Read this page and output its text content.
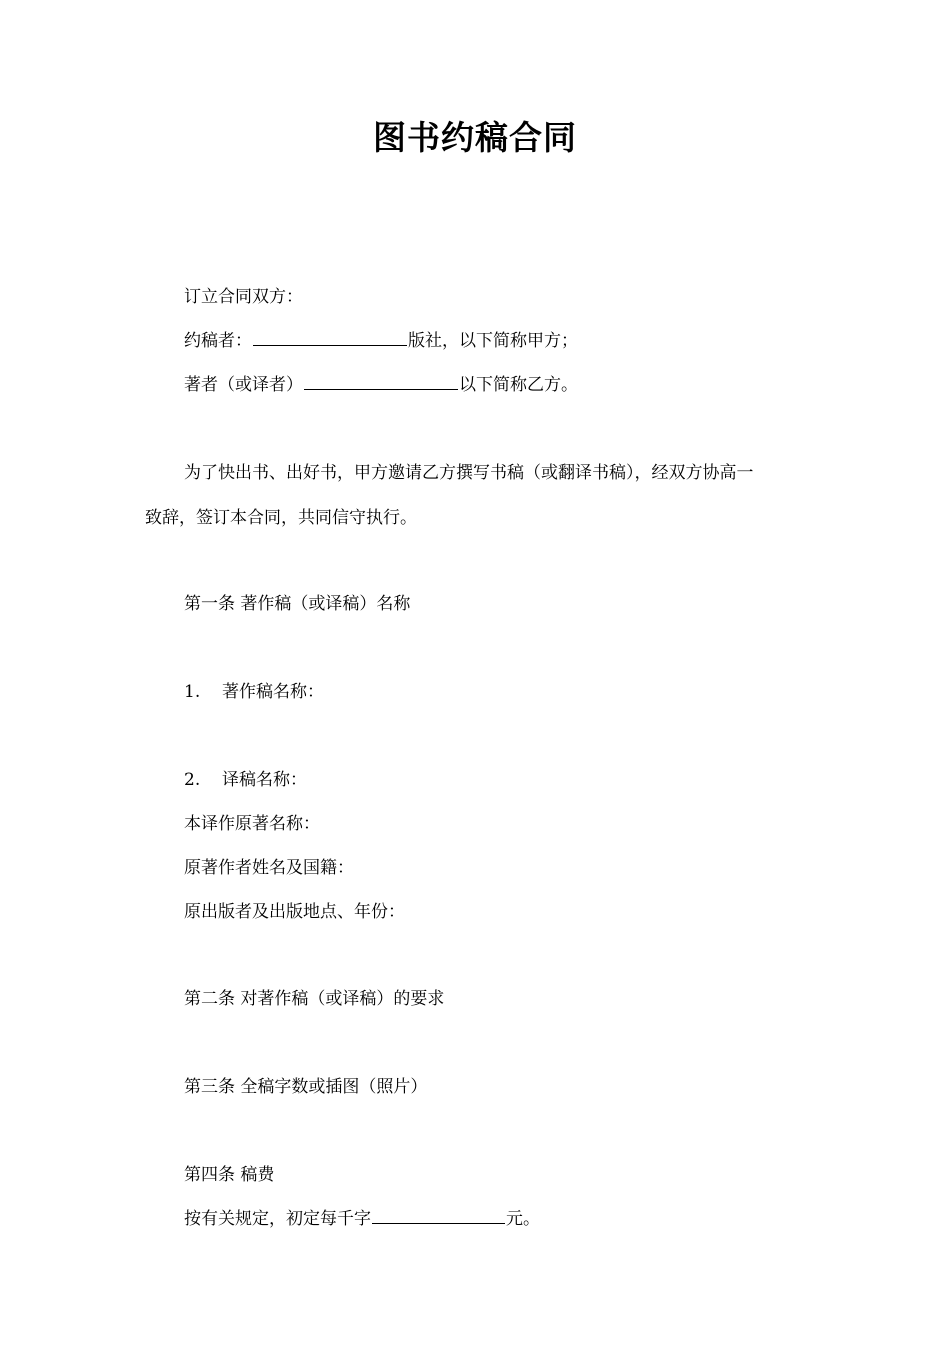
图书约稿合同
订立合同双方：
约稿者：	版社，以下简称甲方；
著者（或译者）	以下简称乙方。
为了快出书、出好书，甲方邀请乙方撰写书稿（或翻译书稿），经双方协高一
致辞，签订本合同，共同信守执行。
第一条 著作稿（或译稿）名称
1. 著作稿名称：
2. 译稿名称：
本译作原著名称：
原著作者姓名及国籍：
原出版者及出版地点、年份：
第二条 对著作稿（或译稿）的要求
第三条 全稿字数或插图（照片）
第四条 稿费
按有关规定，初定每千字	元。
